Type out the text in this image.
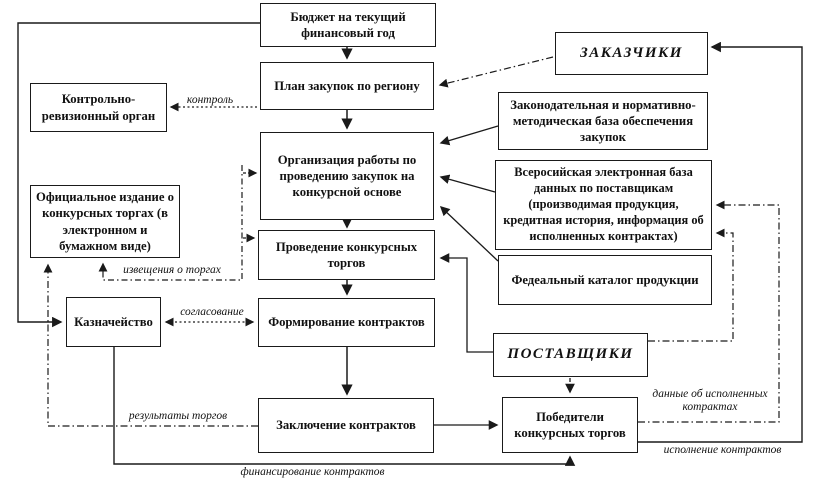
Бюджет на текущий финансовый год
План закупок по региону
Организация работы по проведению закупок на конкурсной основе
Проведение конкурсных торгов
Формирование контрактов
Заключение контрактов
Контрольно-ревизионный орган
Официальное издание о конкурсных торгах (в электронном и бумажном виде)
Казначейство
ЗАКАЗЧИКИ
Законодательная и нормативно-методическая база обеспечения закупок
Всеросийская электронная база данных по поставщикам (производимая продукция, кредитная история, информация об исполненных контрактах)
Федеальный каталог продукции
ПОСТАВЩИКИ
Победители конкурсных торгов
контроль
извещения о торгах
согласование
результаты торгов
финансирование контрактов
данные об исполненных котрактах
исполнение контрактов
